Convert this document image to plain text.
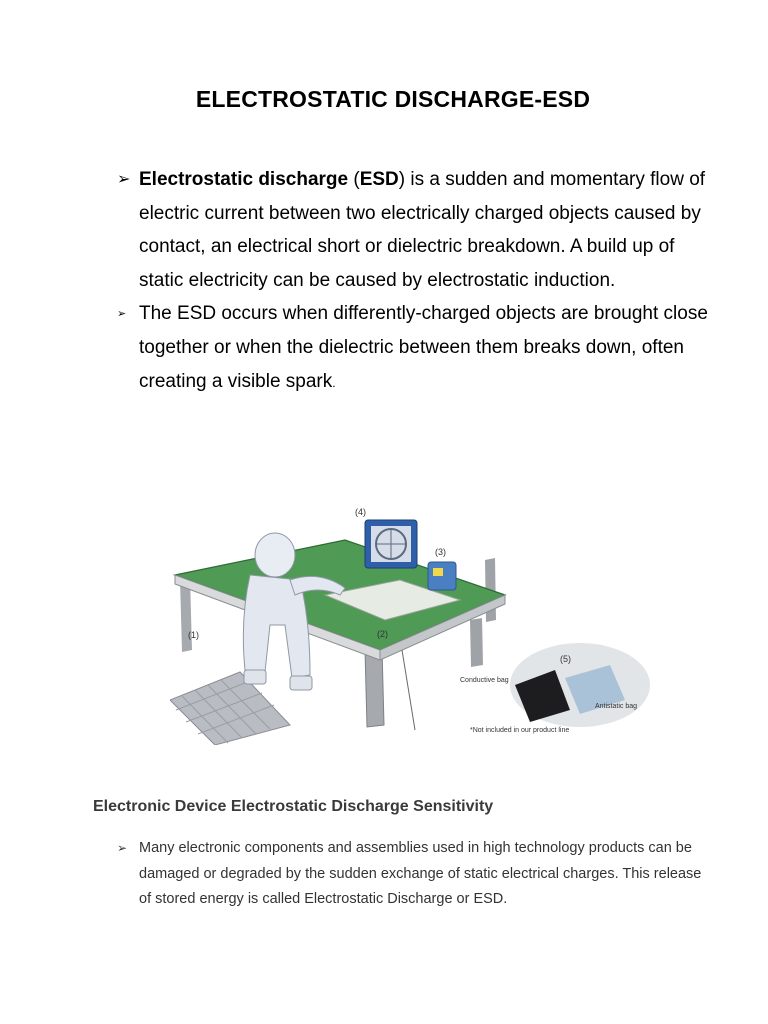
ELECTROSTATIC DISCHARGE-ESD
➢ Electrostatic discharge (ESD) is a sudden and momentary flow of electric current between two electrically charged objects caused by contact, an electrical short or dielectric breakdown. A build up of static electricity can be caused by electrostatic induction.
➢ The ESD occurs when differently-charged objects are brought close together or when the dielectric between them breaks down, often creating a visible spark.
(1)	(2)
(3)
(4)
(5)
Conductive bag
Antistatic bag
*Not included in our product line
Electronic Device Electrostatic Discharge Sensitivity
➢ Many electronic components and assemblies used in high technology products can be damaged or degraded by the sudden exchange of static electrical charges. This release of stored energy is called Electrostatic Discharge or ESD.
